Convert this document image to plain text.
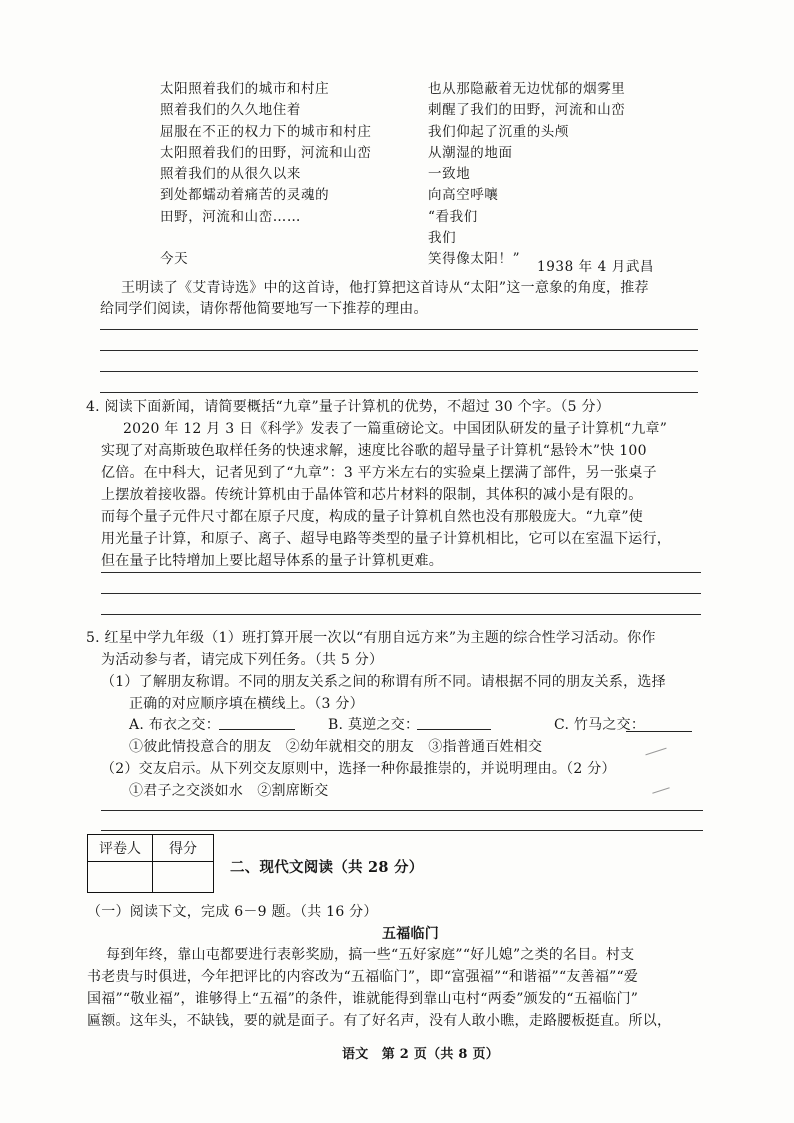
太阳照着我们的城市和村庄
照着我们的久久地住着
屈服在不正的权力下的城市和村庄
太阳照着我们的田野，河流和山峦
照着我们的从很久以来
到处都蠕动着痛苦的灵魂的
田野，河流和山峦……
今天
也从那隐蔽着无边忧郁的烟雾里
刺醒了我们的田野，河流和山峦
我们仰起了沉重的头颅
从潮湿的地面
一致地
向高空呼嚷
“看我们
我们
笑得像太阳！”	1938 年 4 月武昌
王明读了《艾青诗选》中的这首诗，他打算把这首诗从“太阳”这一意象的角度，推荐
给同学们阅读，请你帮他简要地写一下推荐的理由。
4. 阅读下面新闻，请简要概括“九章”量子计算机的优势，不超过 30 个字。（5 分）
2020 年 12 月 3 日《科学》发表了一篇重磅论文。中国团队研发的量子计算机“九章”
实现了对高斯玻色取样任务的快速求解，速度比谷歌的超导量子计算机“悬铃木”快 100
亿倍。在中科大，记者见到了“九章”：3 平方米左右的实验桌上摆满了部件，另一张桌子
上摆放着接收器。传统计算机由于晶体管和芯片材料的限制，其体积的减小是有限的。
而每个量子元件尺寸都在原子尺度，构成的量子计算机自然也没有那般庞大。“九章”使
用光量子计算，和原子、离子、超导电路等类型的量子计算机相比，它可以在室温下运行，
但在量子比特增加上要比超导体系的量子计算机更难。
5. 红星中学九年级（1）班打算开展一次以“有朋自远方来”为主题的综合性学习活动。你作
为活动参与者，请完成下列任务。（共 5 分）
（1）了解朋友称谓。不同的朋友关系之间的称谓有所不同。请根据不同的朋友关系，选择
正确的对应顺序填在横线上。（3 分）
A. 布衣之交：	B. 莫逆之交：	C. 竹马之交：
①彼此情投意合的朋友　②幼年就相交的朋友　③指普通百姓相交
（2）交友启示。从下列交友原则中，选择一种你最推崇的，并说明理由。（2 分）
①君子之交淡如水　②割席断交
评卷人	得分

二、现代文阅读（共 28 分）
（一）阅读下文，完成 6－9 题。（共 16 分）
五福临门
每到年终，靠山屯都要进行表彰奖励，搞一些“五好家庭”“好儿媳”之类的名目。村支
书老贵与时俱进，今年把评比的内容改为“五福临门”，即“富强福”“和谐福”“友善福”“爱
国福”“敬业福”，谁够得上“五福”的条件，谁就能得到靠山屯村“两委”颁发的“五福临门”
匾额。这年头，不缺钱，要的就是面子。有了好名声，没有人敢小瞧，走路腰板挺直。所以，
语文　第 2 页（共 8 页）
